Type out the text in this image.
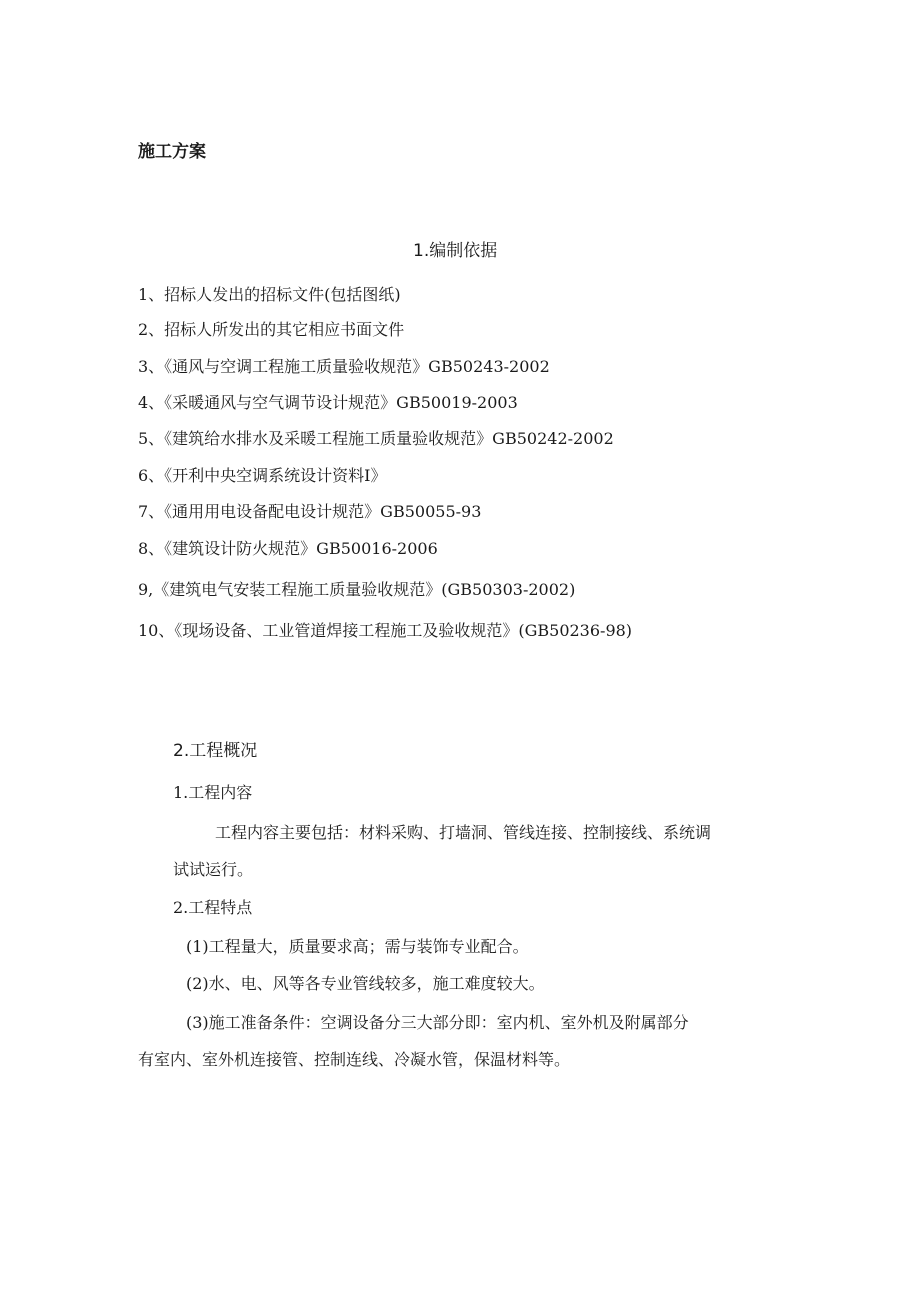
施工方案
1.编制依据
1、招标人发出的招标文件(包括图纸)
2、招标人所发出的其它相应书面文件
3、《通风与空调工程施工质量验收规范》GB50243-2002
4、《采暖通风与空气调节设计规范》GB50019-2003
5、《建筑给水排水及采暖工程施工质量验收规范》GB50242-2002
6、《开利中央空调系统设计资料I》
7、《通用用电设备配电设计规范》GB50055-93
8、《建筑设计防火规范》GB50016-2006
9,《建筑电气安装工程施工质量验收规范》(GB50303-2002)
10、《现场设备、工业管道焊接工程施工及验收规范》(GB50236-98)
2.工程概况
1.工程内容
工程内容主要包括：材料采购、打墙洞、管线连接、控制接线、系统调
试试运行。
2.工程特点
(1)工程量大，质量要求高；需与装饰专业配合。
(2)水、电、风等各专业管线较多，施工难度较大。
(3)施工准备条件：空调设备分三大部分即：室内机、室外机及附属部分
有室内、室外机连接管、控制连线、冷凝水管，保温材料等。
